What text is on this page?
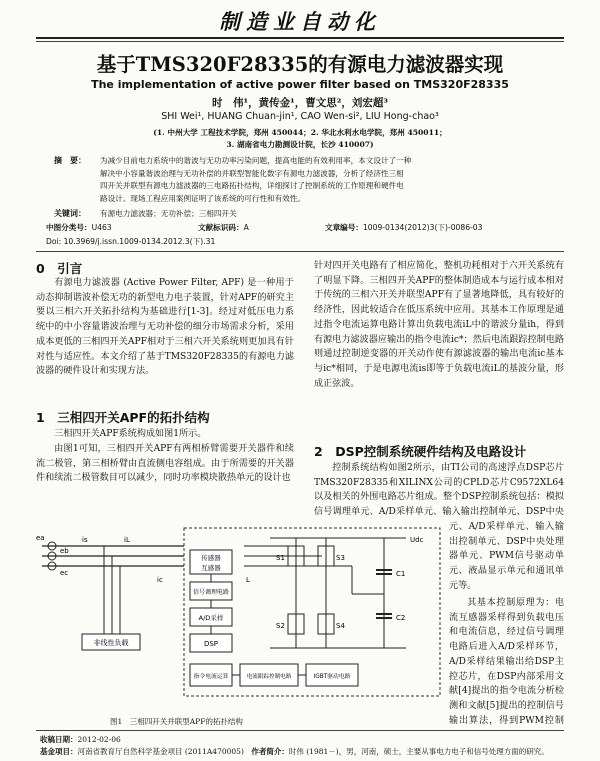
制造业自动化
基于TMS320F28335的有源电力滤波器实现
The implementation of active power filter based on TMS320F28335
时　伟¹，黄传金¹，曹文思²，刘宏超³
SHI Wei¹, HUANG Chuan-jin¹, CAO Wen-si², LIU Hong-chao³
(1. 中州大学 工程技术学院，郑州 450044；2. 华北水利水电学院，郑州 450011；
3. 湖南省电力勘测设计院，长沙 410007)
摘　要： 为减少目前电力系统中的谐波与无功功率污染问题，提高电能的有效利用率，本文设计了一种
解决中小容量谐波治理与无功补偿的并联型智能化数字有源电力滤波器，分析了经济性三相
四开关并联型有源电力滤波器的三电路拓扑结构，详细探讨了控制系统的工作原理和硬件电
路设计。现场工程应用案例证明了该系统的可行性和有效性。
关键词： 有源电力滤波器；无功补偿；三相四开关
中图分类号：U463	文献标识码：A	文章编号：1009-0134(2012)3(下)-0086-03
Doi: 10.3969/j.issn.1009-0134.2012.3(下).31
0　引言
有源电力滤波器 (Active Power Filter, APF) 是一种用于动态抑制谐波补偿无功的新型电力电子装置，针对APF的研究主要以三相六开关拓扑结构为基础进行[1-3]。经过对低压电力系统中的中小容量谐波治理与无功补偿的细分市场需求分析，采用成本更低的三相四开关APF相对于三相六开关系统则更加具有针对性与适应性。本文介绍了基于TMS320F28335的有源电力滤波器的硬件设计和实现方法。
1　三相四开关APF的拓扑结构
三相四开关APF系统构成如图1所示。
由图1可知，三相四开关APF有两相桥臂需要开关器件和续流二极管，第三相桥臂由直流侧电容组成。由于所需要的开关器件和续流二极管数目可以减少，同时功率模块散热单元的设计也
针对四开关电路有了相应简化，整机功耗相对于六开关系统有了明显下降。三相四开关APF的整体制造成本与运行成本相对于传统的三相六开关并联型APF有了显著地降低，具有较好的经济性，因此较适合在低压系统中应用。其基本工作原理是通过指令电流运算电路计算出负载电流iL中的谐波分量ih，得到有源电力滤波器应输出的指令电流ic*；然后电流跟踪控制电路则通过控制逆变器的开关动作使有源滤波器的输出电流ic基本与ic*相同，于是电源电流is即等于负载电流iL的基波分量，形成正弦波。
2　DSP控制系统硬件结构及电路设计
控制系统结构如图2所示，由TI公司的高速浮点DSP芯片TMS320F28335和XILINX公司的CPLD芯片C9572XL64以及相关的外围电路芯片组成。整个DSP控制系统包括：模拟信号调理单元、A/D采样单元、输入输出控制单元、DSP中央
元、A/D采样单元、输入输出控制单元、DSP中央处理器单元、PWM信号驱动单元、液晶显示单元和通讯单元等。
其基本控制原理为：电流互感器采样得到负载电压和电流信息，经过信号调理电路后进入A/D采样环节，A/D采样结果输出给DSP主控芯片，在DSP内部采用文献[4]提出的指令电流分析检测和文献[5]提出的控制信号输出算法，得到PWM控制
ea
eb
ec
is	iL
ic
非线性负载
传感器
互感器
信号调理电路
A/D采样
DSP
指令电流运算	电流跟踪控制电路	IGBT驱动电路
L
S1	S3
S2	S4
C1
C2
Udc
图1　三相四开关并联型APF的拓扑结构
收稿日期：2012-02-06
基金项目：河南省教育厅自然科学基金项目 (2011A470005)　 作者简介：时伟 (1981－)，男，河南，硕士，主要从事电力电子和信号处理方面的研究。
